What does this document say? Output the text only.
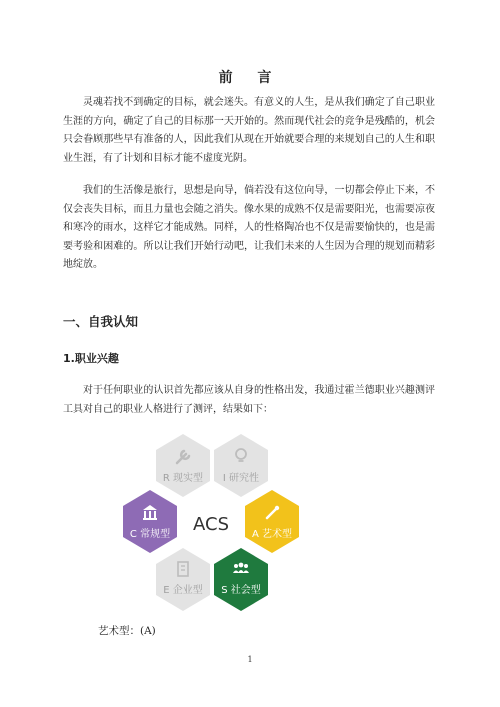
前 言

灵魂若找不到确定的目标，就会迷失。有意义的人生，是从我们确定了自己职业生涯的方向，确定了自己的目标那一天开始的。然而现代社会的竞争是残酷的，机会只会眷顾那些早有准备的人，因此我们从现在开始就要合理的来规划自己的人生和职业生涯，有了计划和目标才能不虚度光阴。

我们的生活像是旅行，思想是向导，倘若没有这位向导，一切都会停止下来，不仅会丧失目标，而且力量也会随之消失。像水果的成熟不仅是需要阳光，也需要凉夜和寒冷的雨水，这样它才能成熟。同样，人的性格陶冶也不仅是需要愉快的，也是需要考验和困难的。所以让我们开始行动吧，让我们未来的人生因为合理的规划而精彩地绽放。

一、自我认知
1.职业兴趣

对于任何职业的认识首先都应该从自身的性格出发，我通过霍兰德职业兴趣测评工具对自己的职业人格进行了测评，结果如下：

R 现实型 I 研究性
C 常规型 ACS A 艺术型
E 企业型 S 社会型

艺术型：(A)

1
